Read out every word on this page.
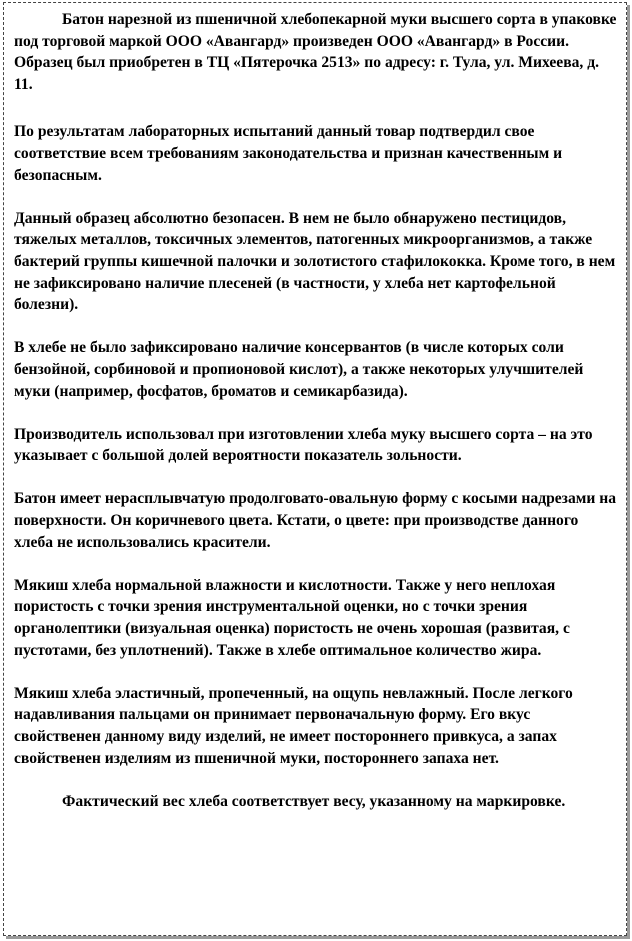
Батон нарезной из пшеничной хлебопекарной муки высшего сорта в упаковке под торговой маркой ООО «Авангард» произведен ООО «Авангард» в России. Образец был приобретен в ТЦ «Пятерочка 2513» по адресу: г. Тула, ул. Михеева, д. 11.

По результатам лабораторных испытаний данный товар подтвердил свое соответствие всем требованиям законодательства и признан качественным и безопасным.

Данный образец абсолютно безопасен. В нем не было обнаружено пестицидов, тяжелых металлов, токсичных элементов, патогенных микроорганизмов, а также бактерий группы кишечной палочки и золотистого стафилококка. Кроме того, в нем не зафиксировано наличие плесеней (в частности, у хлеба нет картофельной болезни).

В хлебе не было зафиксировано наличие консервантов (в числе которых соли бензойной, сорбиновой и пропионовой кислот), а также некоторых улучшителей муки (например, фосфатов, броматов и семикарбазида).

Производитель использовал при изготовлении хлеба муку высшего сорта – на это указывает с большой долей вероятности показатель зольности.

Батон имеет нерасплывчатую продолговато-овальную форму с косыми надрезами на поверхности. Он коричневого цвета. Кстати, о цвете: при производстве данного хлеба не использовались красители.

Мякиш хлеба нормальной влажности и кислотности. Также у него неплохая пористость с точки зрения инструментальной оценки, но с точки зрения органолептики (визуальная оценка) пористость не очень хорошая (развитая, с пустотами, без уплотнений). Также в хлебе оптимальное количество жира.

Мякиш хлеба эластичный, пропеченный, на ощупь невлажный. После легкого надавливания пальцами он принимает первоначальную форму. Его вкус свойственен данному виду изделий, не имеет постороннего привкуса, а запах свойственен изделиям из пшеничной муки, постороннего запаха нет.

Фактический вес хлеба соответствует весу, указанному на маркировке.
